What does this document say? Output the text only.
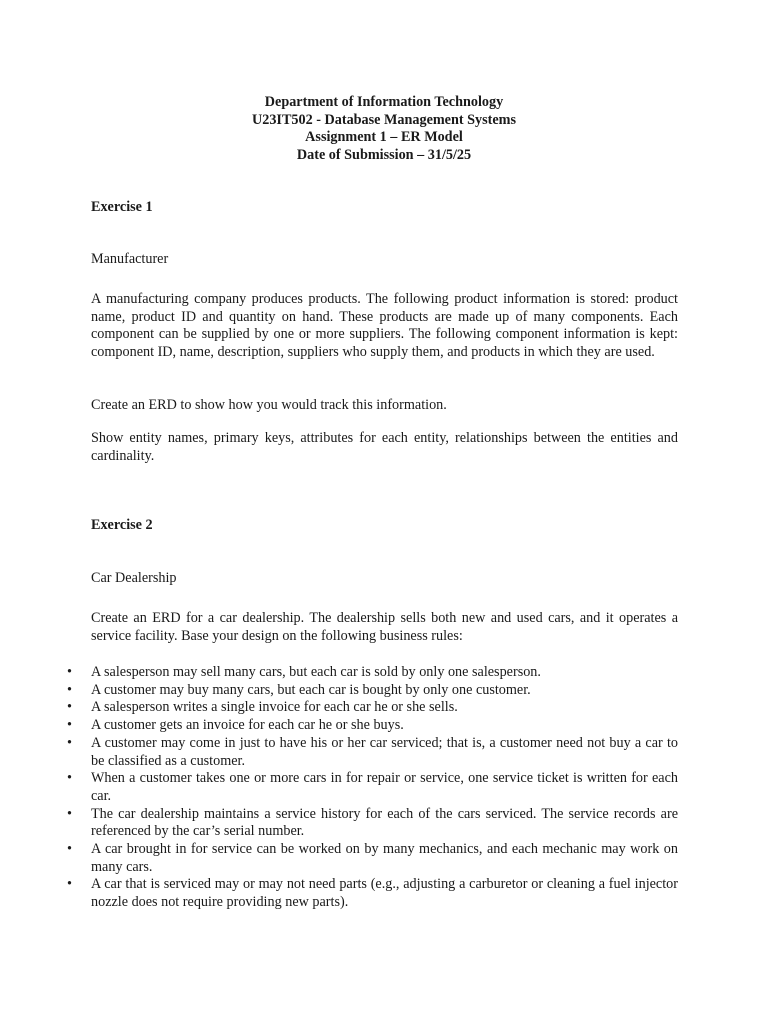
Department of Information Technology
U23IT502 - Database Management Systems
Assignment 1 – ER Model
Date of Submission – 31/5/25
Exercise 1
Manufacturer
A manufacturing company produces products. The following product information is stored: product name, product ID and quantity on hand. These products are made up of many components. Each component can be supplied by one or more suppliers. The following component information is kept: component ID, name, description, suppliers who supply them, and products in which they are used.
Create an ERD to show how you would track this information.
Show entity names, primary keys, attributes for each entity, relationships between the entities and cardinality.
Exercise 2
Car Dealership
Create an ERD for a car dealership. The dealership sells both new and used cars, and it operates a service facility. Base your design on the following business rules:
• A salesperson may sell many cars, but each car is sold by only one salesperson.
• A customer may buy many cars, but each car is bought by only one customer.
• A salesperson writes a single invoice for each car he or she sells.
• A customer gets an invoice for each car he or she buys.
• A customer may come in just to have his or her car serviced; that is, a customer need not buy a car to be classified as a customer.
• When a customer takes one or more cars in for repair or service, one service ticket is written for each car.
• The car dealership maintains a service history for each of the cars serviced. The service records are referenced by the car’s serial number.
• A car brought in for service can be worked on by many mechanics, and each mechanic may work on many cars.
• A car that is serviced may or may not need parts (e.g., adjusting a carburetor or cleaning a fuel injector nozzle does not require providing new parts).
